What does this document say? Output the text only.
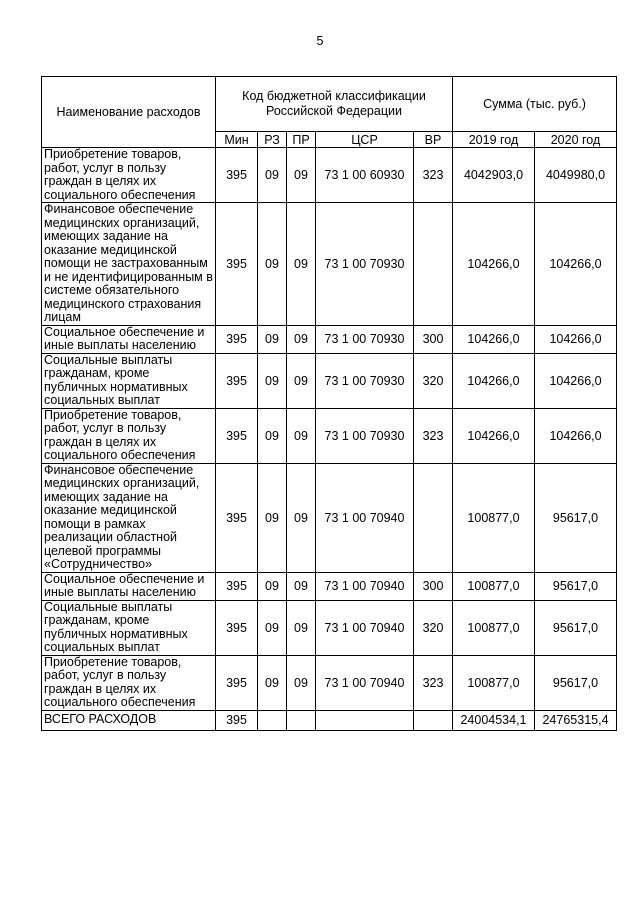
5
Наименование расходов	Код бюджетной классификации Российской Федерации					Сумма (тыс. руб.)	
	Мин	РЗ	ПР	ЦСР	ВР	2019 год	2020 год
Приобретение товаров, работ, услуг в пользу граждан в целях их социального обеспечения	395	09	09	73 1 00 60930	323	4042903,0	4049980,0
Финансовое обеспечение медицинских организаций, имеющих задание на оказание медицинской помощи не застрахованным и не идентифицированным в системе обязательного медицинского страхования лицам	395	09	09	73 1 00 70930		104266,0	104266,0
Социальное обеспечение и иные выплаты населению	395	09	09	73 1 00 70930	300	104266,0	104266,0
Социальные выплаты гражданам, кроме публичных нормативных социальных выплат	395	09	09	73 1 00 70930	320	104266,0	104266,0
Приобретение товаров, работ, услуг в пользу граждан в целях их социального обеспечения	395	09	09	73 1 00 70930	323	104266,0	104266,0
Финансовое обеспечение медицинских организаций, имеющих задание на оказание медицинской помощи в рамках реализации областной целевой программы «Сотрудничество»	395	09	09	73 1 00 70940		100877,0	95617,0
Социальное обеспечение и иные выплаты населению	395	09	09	73 1 00 70940	300	100877,0	95617,0
Социальные выплаты гражданам, кроме публичных нормативных социальных выплат	395	09	09	73 1 00 70940	320	100877,0	95617,0
Приобретение товаров, работ, услуг в пользу граждан в целях их социального обеспечения	395	09	09	73 1 00 70940	323	100877,0	95617,0
ВСЕГО РАСХОДОВ	395					24004534,1	24765315,4
